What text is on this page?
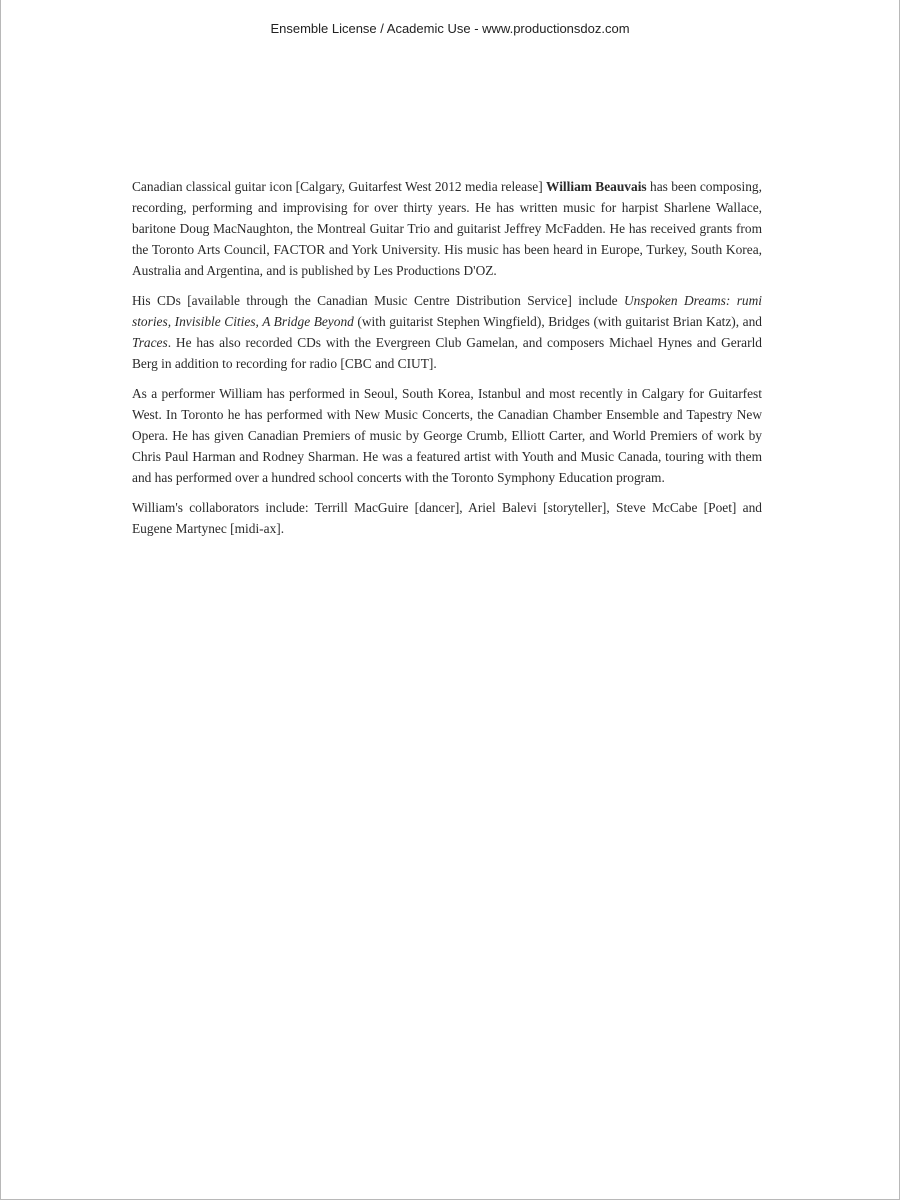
Ensemble License / Academic Use - www.productionsdoz.com

Canadian classical guitar icon [Calgary, Guitarfest West 2012 media release] William Beauvais has been composing, recording, performing and improvising for over thirty years. He has written music for harpist Sharlene Wallace, baritone Doug MacNaughton, the Montreal Guitar Trio and guitarist Jeffrey McFadden. He has received grants from the Toronto Arts Council, FACTOR and York University. His music has been heard in Europe, Turkey, South Korea, Australia and Argentina, and is published by Les Productions D'OZ.

His CDs [available through the Canadian Music Centre Distribution Service] include Unspoken Dreams: rumi stories, Invisible Cities, A Bridge Beyond (with guitarist Stephen Wingfield), Bridges (with guitarist Brian Katz), and Traces. He has also recorded CDs with the Evergreen Club Gamelan, and composers Michael Hynes and Gerarld Berg in addition to recording for radio [CBC and CIUT].

As a performer William has performed in Seoul, South Korea, Istanbul and most recently in Calgary for Guitarfest West. In Toronto he has performed with New Music Concerts, the Canadian Chamber Ensemble and Tapestry New Opera. He has given Canadian Premiers of music by George Crumb, Elliott Carter, and World Premiers of work by Chris Paul Harman and Rodney Sharman. He was a featured artist with Youth and Music Canada, touring with them and has performed over a hundred school concerts with the Toronto Symphony Education program.

William's collaborators include: Terrill MacGuire [dancer], Ariel Balevi [storyteller], Steve McCabe [Poet] and Eugene Martynec [midi-ax].
